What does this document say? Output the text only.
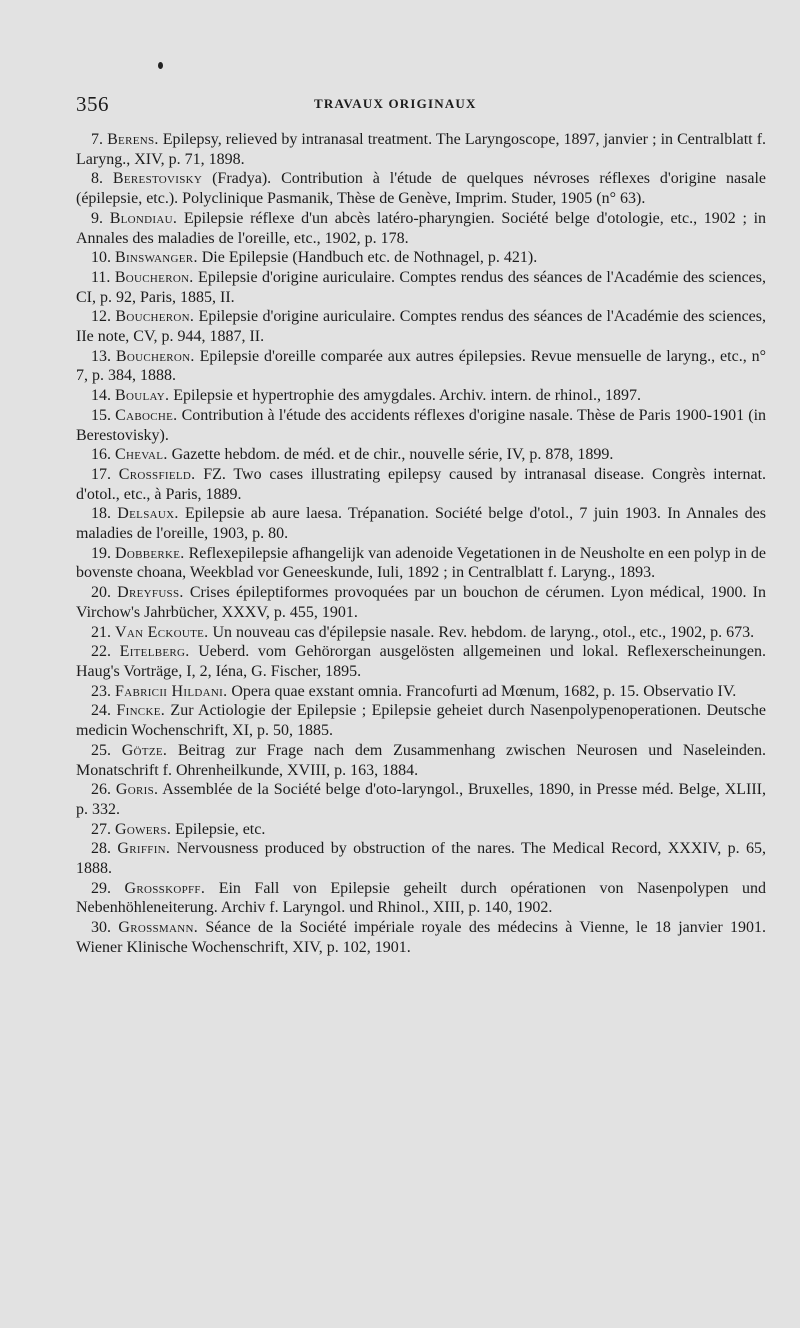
356	TRAVAUX ORIGINAUX

7. Berens. Epilepsy, relieved by intranasal treatment. The Laryngoscope, 1897, janvier ; in Centralblatt f. Laryng., XIV, p. 71, 1898.

8. Berestovisky (Fradya). Contribution à l'étude de quelques névroses réflexes d'origine nasale (épilepsie, etc.). Polyclinique Pasmanik, Thèse de Genève, Imprim. Studer, 1905 (n° 63).

9. Blondiau. Epilepsie réflexe d'un abcès latéro-pharyngien. Société belge d'otologie, etc., 1902 ; in Annales des maladies de l'oreille, etc., 1902, p. 178.

10. Binswanger. Die Epilepsie (Handbuch etc. de Nothnagel, p. 421).

11. Boucheron. Epilepsie d'origine auriculaire. Comptes rendus des séances de l'Académie des sciences, CI, p. 92, Paris, 1885, II.

12. Boucheron. Epilepsie d'origine auriculaire. Comptes rendus des séances de l'Académie des sciences, IIe note, CV, p. 944, 1887, II.

13. Boucheron. Epilepsie d'oreille comparée aux autres épilepsies. Revue mensuelle de laryng., etc., n° 7, p. 384, 1888.

14. Boulay. Epilepsie et hypertrophie des amygdales. Archiv. intern. de rhinol., 1897.

15. Caboche. Contribution à l'étude des accidents réflexes d'origine nasale. Thèse de Paris 1900-1901 (in Berestovisky).

16. Cheval. Gazette hebdom. de méd. et de chir., nouvelle série, IV, p. 878, 1899.

17. Crossfield. FZ. Two cases illustrating epilepsy caused by intranasal disease. Congrès internat. d'otol., etc., à Paris, 1889.

18. Delsaux. Epilepsie ab aure laesa. Trépanation. Société belge d'otol., 7 juin 1903. In Annales des maladies de l'oreille, 1903, p. 80.

19. Dobberke. Reflexepilepsie afhangelijk van adenoide Vegetationen in de Neusholte en een polyp in de bovenste choana, Weekblad vor Geneeskunde, Iuli, 1892 ; in Centralblatt f. Laryng., 1893.

20. Dreyfuss. Crises épileptiformes provoquées par un bouchon de cérumen. Lyon médical, 1900. In Virchow's Jahrbücher, XXXV, p. 455, 1901.

21. Van Eckoute. Un nouveau cas d'épilepsie nasale. Rev. hebdom. de laryng., otol., etc., 1902, p. 673.

22. Eitelberg. Ueberd. vom Gehörorgan ausgelösten allgemeinen und lokal. Reflexerscheinungen. Haug's Vorträge, I, 2, Iéna, G. Fischer, 1895.

23. Fabricii Hildani. Opera quae exstant omnia. Francofurti ad Mœnum, 1682, p. 15. Observatio IV.

24. Fincke. Zur Actiologie der Epilepsie ; Epilepsie geheiet durch Nasenpolypenoperationen. Deutsche medicin Wochenschrift, XI, p. 50, 1885.

25. Götze. Beitrag zur Frage nach dem Zusammenhang zwischen Neurosen und Naseleinden. Monatschrift f. Ohrenheilkunde, XVIII, p. 163, 1884.

26. Goris. Assemblée de la Société belge d'oto-laryngol., Bruxelles, 1890, in Presse méd. Belge, XLIII, p. 332.

27. Gowers. Epilepsie, etc.

28. Griffin. Nervousness produced by obstruction of the nares. The Medical Record, XXXIV, p. 65, 1888.

29. Grosskopff. Ein Fall von Epilepsie geheilt durch opérationen von Nasenpolypen und Nebenhöhleneiterung. Archiv f. Laryngol. und Rhinol., XIII, p. 140, 1902.

30. Grossmann. Séance de la Société impériale royale des médecins à Vienne, le 18 janvier 1901. Wiener Klinische Wochenschrift, XIV, p. 102, 1901.
